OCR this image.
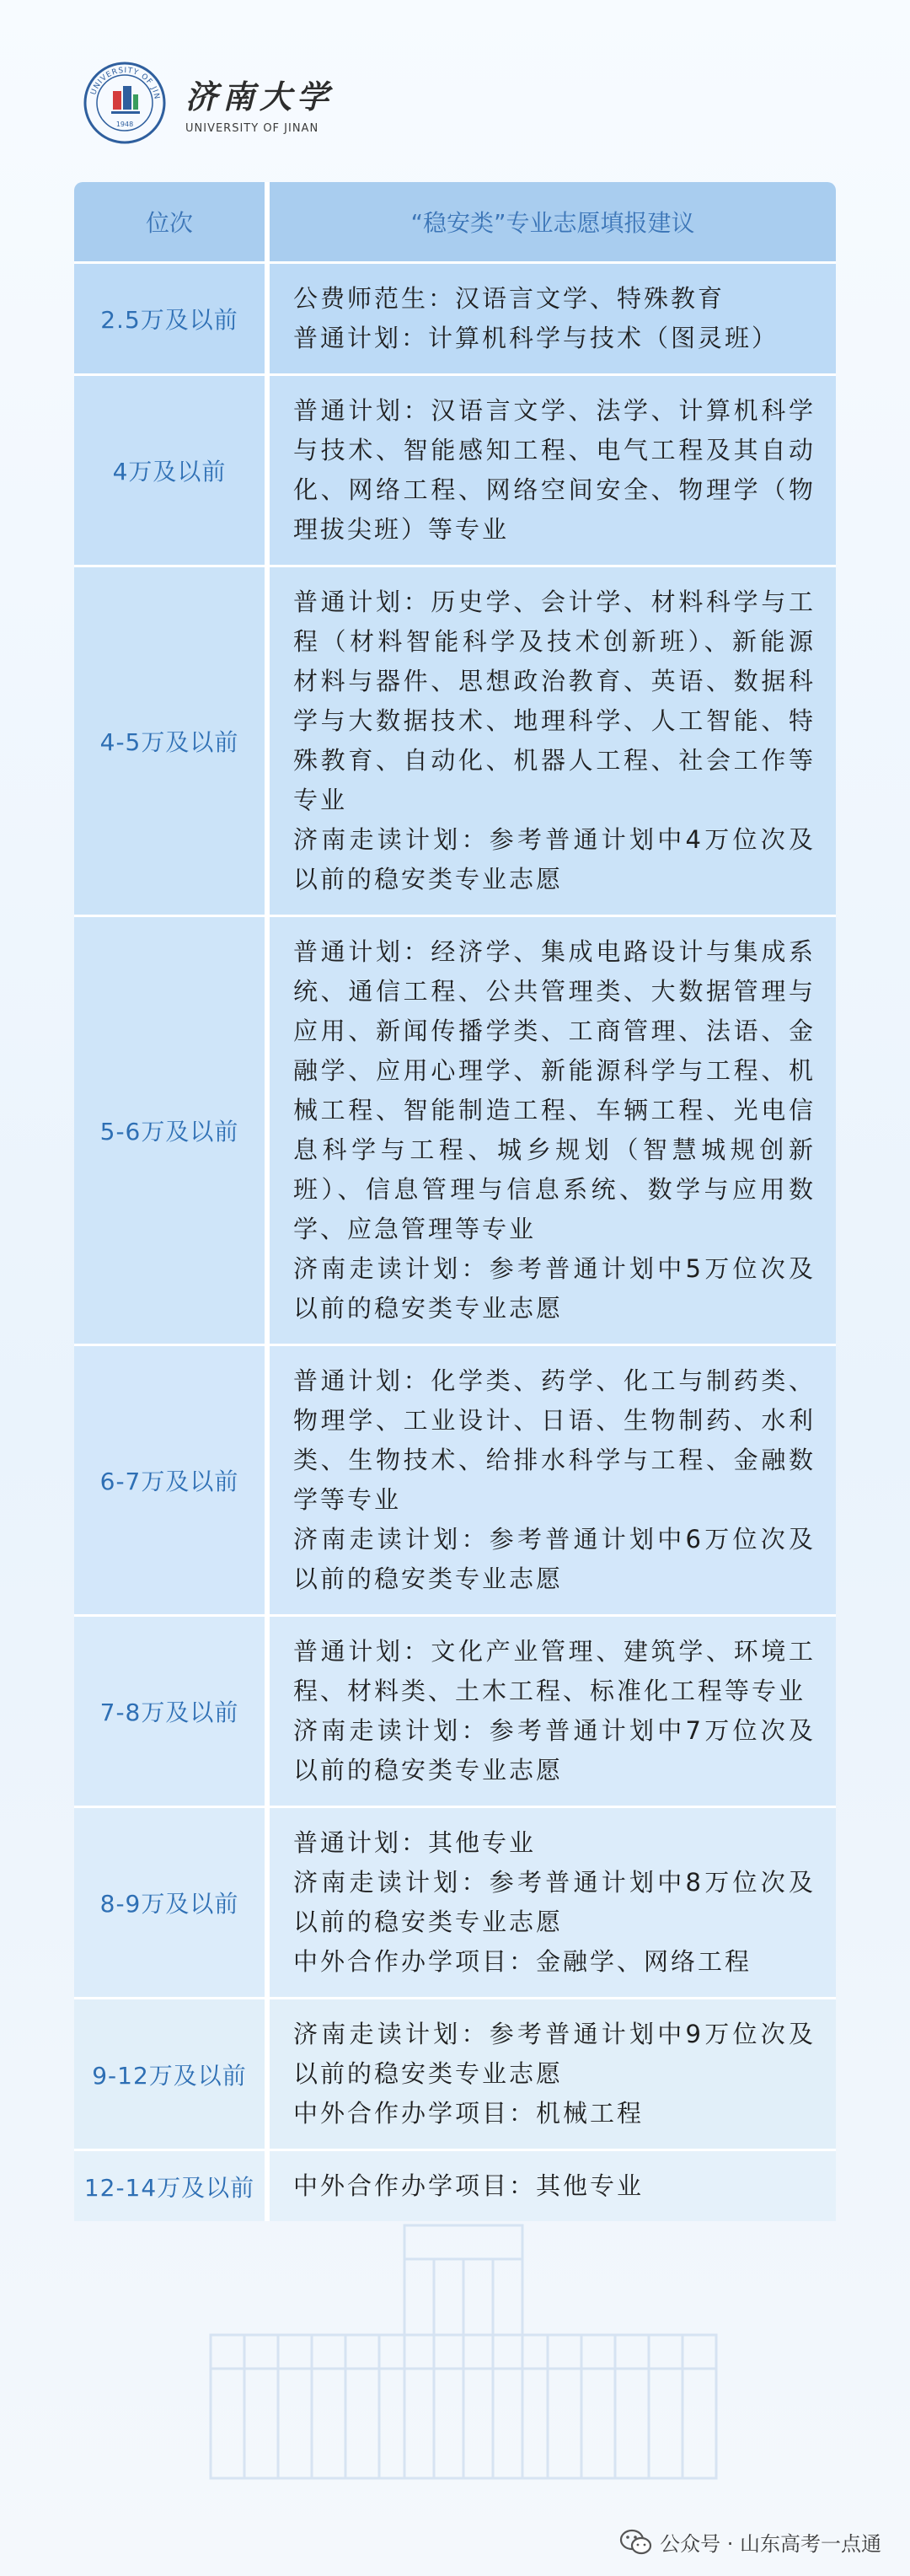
UNIVERSITY OF JIN
1948
济南大学
UNIVERSITY OF JINAN
位次	“稳安类”专业志愿填报建议
2.5万及以前

公费师范生：汉语言文学、特殊教育

普通计划：计算机科学与技术（图灵班）

4万及以前

普通计划：汉语言文学、法学、计算机科学与技术、智能感知工程、电气工程及其自动化、网络工程、网络空间安全、物理学（物理拔尖班）等专业

4-5万及以前

普通计划：历史学、会计学、材料科学与工程（材料智能科学及技术创新班）、新能源材料与器件、思想政治教育、英语、数据科学与大数据技术、地理科学、人工智能、特殊教育、自动化、机器人工程、社会工作等专业

济南走读计划：参考普通计划中4万位次及以前的稳安类专业志愿

5-6万及以前

普通计划：经济学、集成电路设计与集成系统、通信工程、公共管理类、大数据管理与应用、新闻传播学类、工商管理、法语、金融学、应用心理学、新能源科学与工程、机械工程、智能制造工程、车辆工程、光电信息科学与工程、城乡规划（智慧城规创新班）、信息管理与信息系统、数学与应用数学、应急管理等专业

济南走读计划：参考普通计划中5万位次及以前的稳安类专业志愿

6-7万及以前

普通计划：化学类、药学、化工与制药类、物理学、工业设计、日语、生物制药、水利类、生物技术、给排水科学与工程、金融数学等专业

济南走读计划：参考普通计划中6万位次及以前的稳安类专业志愿

7-8万及以前

普通计划：文化产业管理、建筑学、环境工程、材料类、土木工程、标准化工程等专业

济南走读计划：参考普通计划中7万位次及以前的稳安类专业志愿

8-9万及以前

普通计划：其他专业

济南走读计划：参考普通计划中8万位次及以前的稳安类专业志愿

中外合作办学项目：金融学、网络工程

9-12万及以前

济南走读计划：参考普通计划中9万位次及以前的稳安类专业志愿

中外合作办学项目：机械工程

12-14万及以前	中外合作办学项目：其他专业

公众号 · 山东高考一点通
